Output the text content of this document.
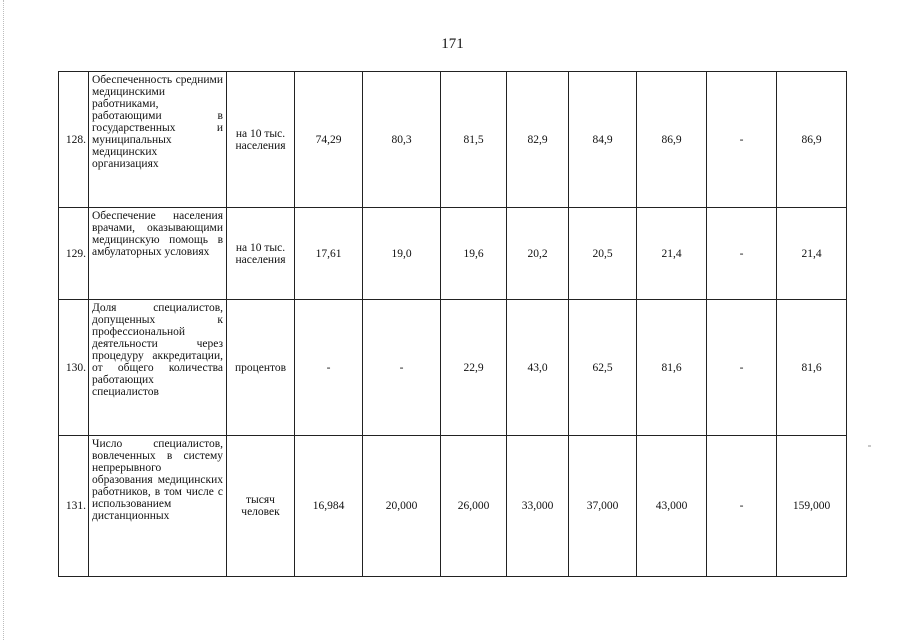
171
128.	Обеспеченность средними медицинскими работниками, работающими в государственных и муниципальных медицинских организациях	на 10 тыс. населения	74,29	80,3	81,5	82,9	84,9	86,9	-	86,9
129.	Обеспечение населения врачами, оказывающими медицинскую помощь в амбулаторных условиях	на 10 тыс. населения	17,61	19,0	19,6	20,2	20,5	21,4	-	21,4
130.	Доля специалистов, допущенных к профессиональной деятельности через процедуру аккредитации, от общего количества работающих специалистов	процентов	-	-	22,9	43,0	62,5	81,6	-	81,6
131.	Число специалистов, вовлеченных в систему непрерывного образования медицинских работников, в том числе с использованием дистанционных	тысяч человек	16,984	20,000	26,000	33,000	37,000	43,000	-	159,000
